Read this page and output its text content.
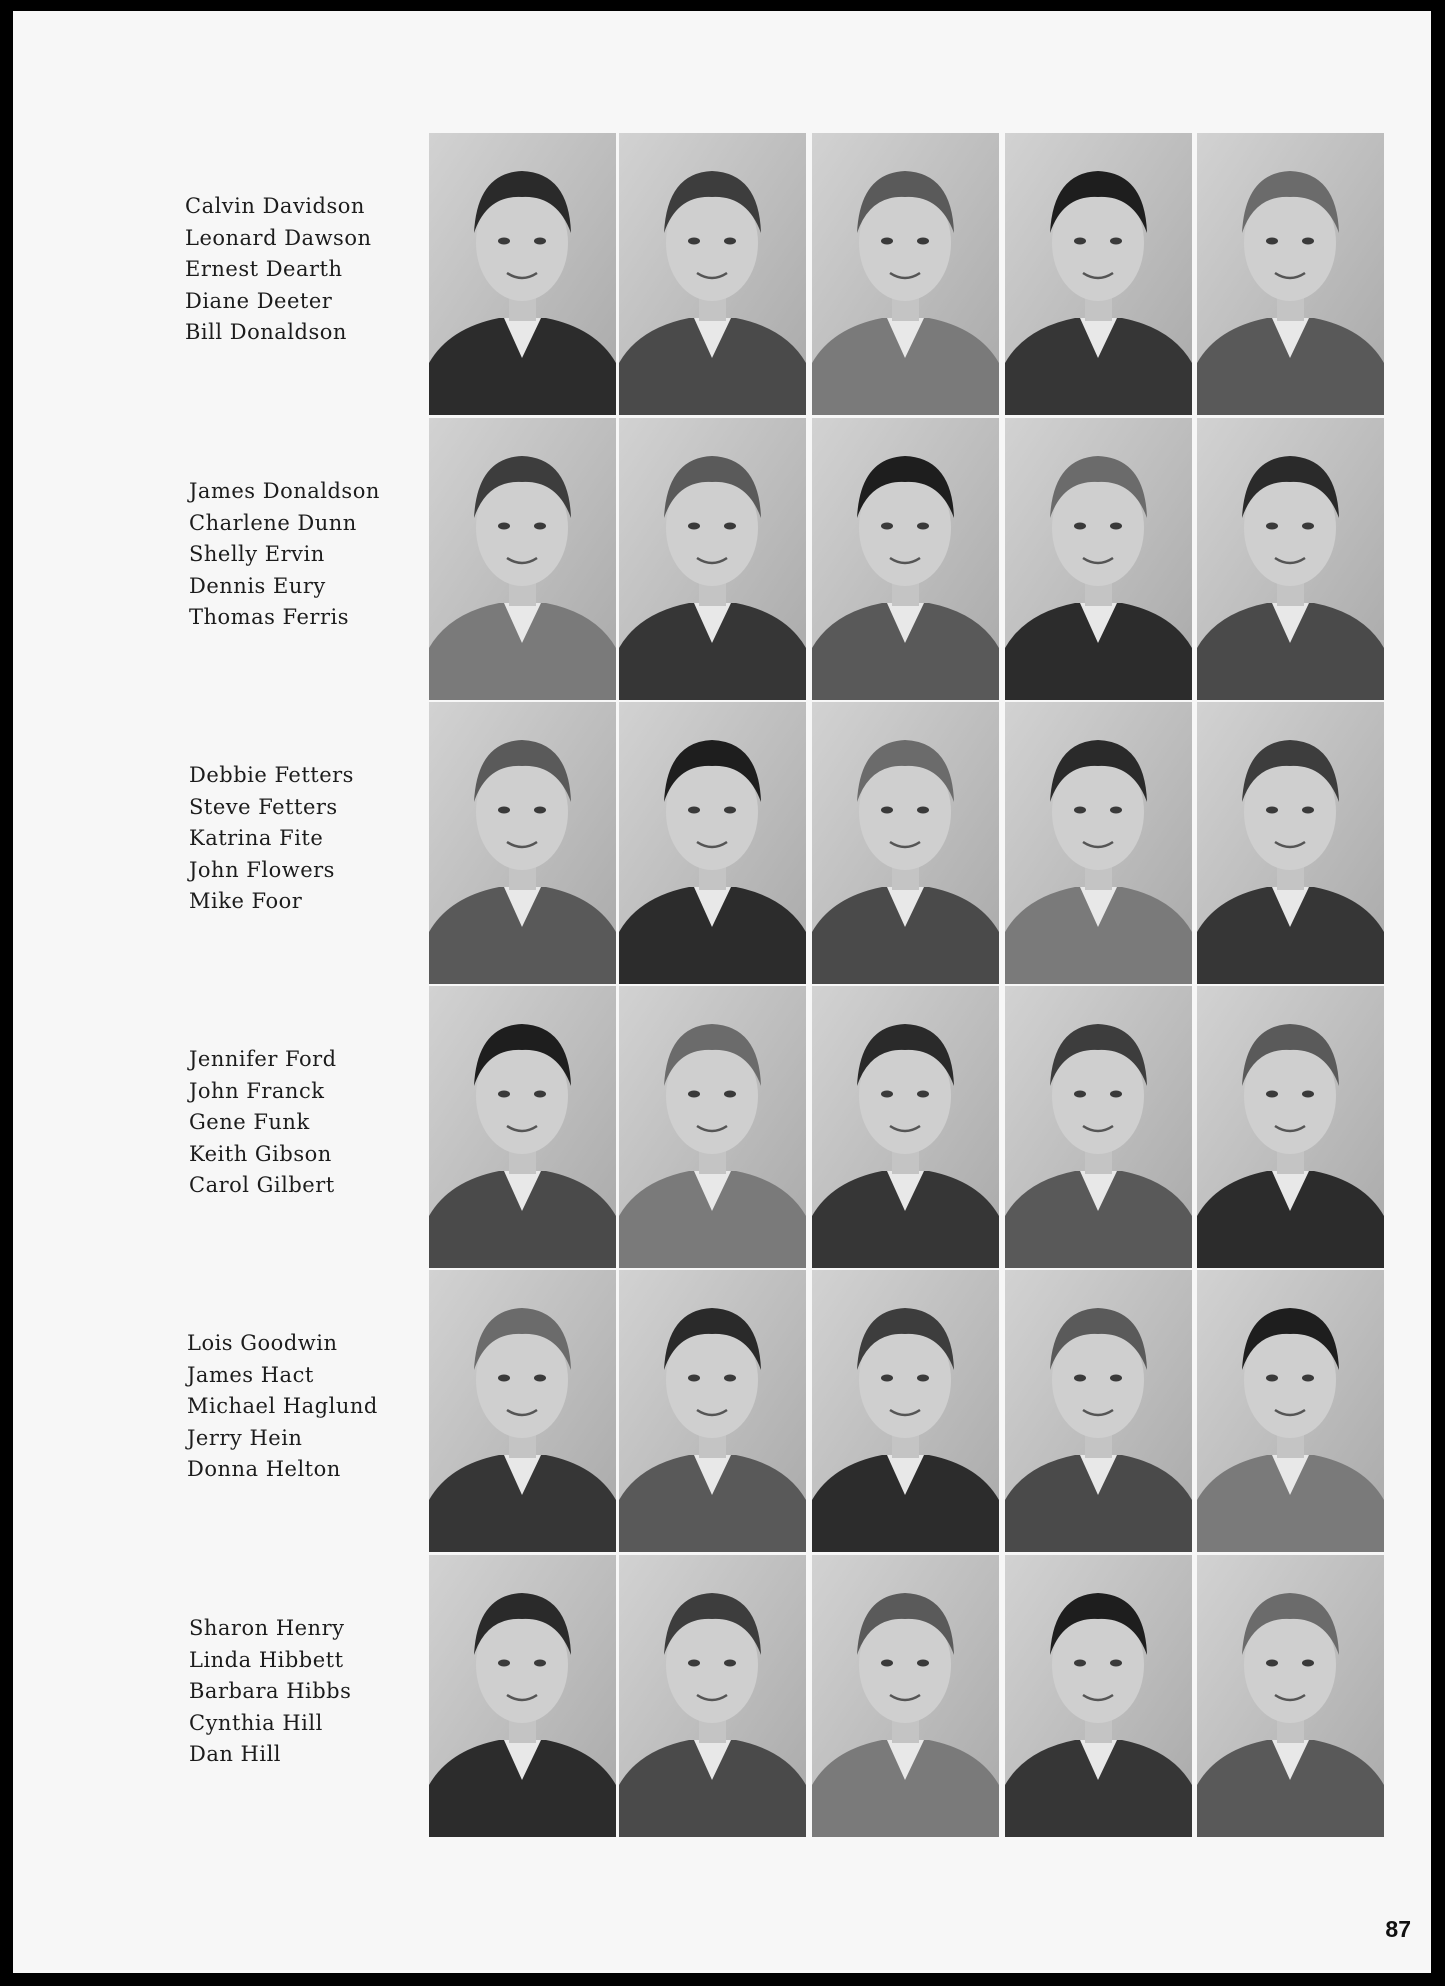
Calvin Davidson
Leonard Dawson
Ernest Dearth
Diane Deeter
Bill Donaldson
James Donaldson
Charlene Dunn
Shelly Ervin
Dennis Eury
Thomas Ferris
Debbie Fetters
Steve Fetters
Katrina Fite
John Flowers
Mike Foor
Jennifer Ford
John Franck
Gene Funk
Keith Gibson
Carol Gilbert
Lois Goodwin
James Hact
Michael Haglund
Jerry Hein
Donna Helton
Sharon Henry
Linda Hibbett
Barbara Hibbs
Cynthia Hill
Dan Hill
87
